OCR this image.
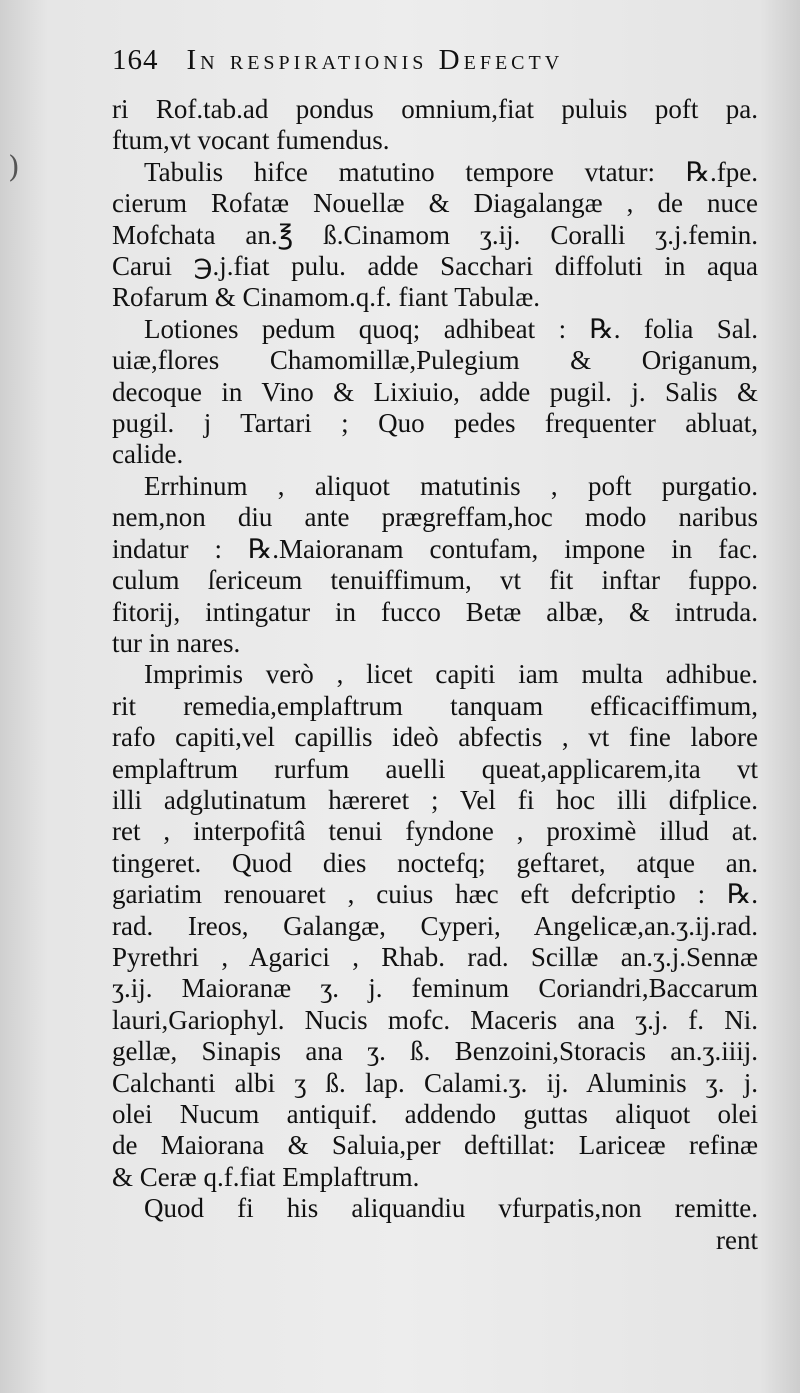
)
164 In respirationis Defectv
ri Rof.tab.ad pondus omnium,fiat puluis poft pa.
ftum,vt vocant fumendus.
Tabulis hifce matutino tempore vtatur: ℞.fpe.
cierum Rofatæ Nouellæ & Diagalangæ , de nuce
Mofchata an.℥ ß.Cinamom ʒ.ij. Coralli ʒ.j.femin.
Carui ℈.j.fiat pulu. adde Sacchari diffoluti in aqua
Rofarum & Cinamom.q.f. fiant Tabulæ.
Lotiones pedum quoq; adhibeat : ℞. folia Sal.
uiæ,flores Chamomillæ,Pulegium & Origanum,
decoque in Vino & Lixiuio, adde pugil. j. Salis &
pugil. j Tartari ; Quo pedes frequenter abluat,
calide.
Errhinum , aliquot matutinis , poft purgatio.
nem,non diu ante prægreffam,hoc modo naribus
indatur : ℞.Maioranam contufam, impone in fac.
culum ſericeum tenuiffimum, vt fit inftar fuppo.
fitorij, intingatur in fucco Betæ albæ, & intruda.
tur in nares.
Imprimis verò , licet capiti iam multa adhibue.
rit remedia,emplaftrum tanquam efficaciffimum,
rafo capiti,vel capillis ideò abfectis , vt fine labore
emplaftrum rurfum auelli queat,applicarem,ita vt
illi adglutinatum hæreret ; Vel fi hoc illi difplice.
ret , interpofitâ tenui fyndone , proximè illud at.
tingeret. Quod dies noctefq; geftaret, atque an.
gariatim renouaret , cuius hæc eft defcriptio : ℞.
rad. Ireos, Galangæ, Cyperi, Angelicæ,an.ʒ.ij.rad.
Pyrethri , Agarici , Rhab. rad. Scillæ an.ʒ.j.Sennæ
ʒ.ij. Maioranæ ʒ. j. feminum Coriandri,Baccarum
lauri,Gariophyl. Nucis mofc. Maceris ana ʒ.j. f. Ni.
gellæ, Sinapis ana ʒ. ß. Benzoini,Storacis an.ʒ.iiij.
Calchanti albi ʒ ß. lap. Calami.ʒ. ij. Aluminis ʒ. j.
olei Nucum antiquif. addendo guttas aliquot olei
de Maiorana & Saluia,per deftillat: Lariceæ refinæ
& Ceræ q.f.fiat Emplaftrum.
Quod fi his aliquandiu vfurpatis,non remitte.
rent
